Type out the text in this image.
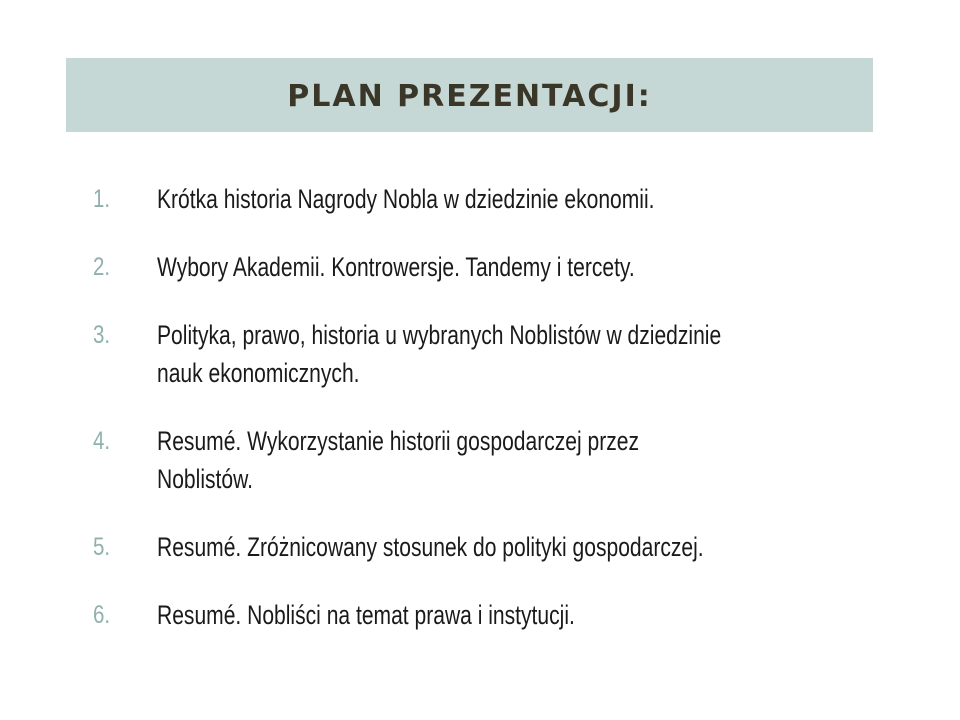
PLAN PREZENTACJI:
1.	Krótka historia Nagrody Nobla w dziedzinie ekonomii.
2.	Wybory Akademii. Kontrowersje. Tandemy i tercety.
3.	Polityka, prawo, historia u wybranych Noblistów w dziedzinie nauk ekonomicznych.
4.	Resumé. Wykorzystanie historii gospodarczej przez Noblistów.
5.	Resumé. Zróżnicowany stosunek do polityki gospodarczej.
6.	Resumé. Nobliści na temat prawa i instytucji.
